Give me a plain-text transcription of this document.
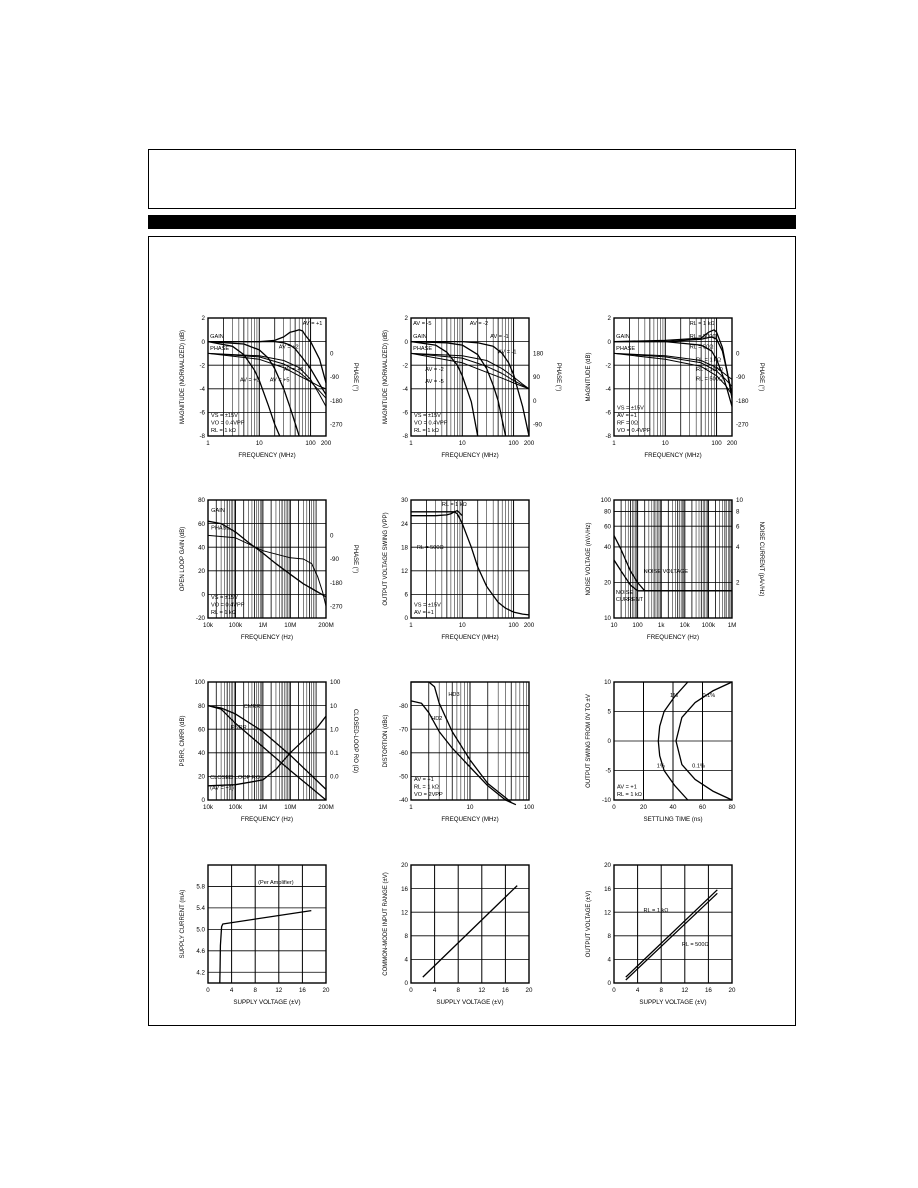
1	10	100 200
-8
-6
-4
-2
0
2
0
-90
-180
-270
FREQUENCY (MHz)
MAGNITUDE (NORMALIZED) (dB)	PHASE (°)
GAIN
PHASE
AV = +1
AV = +2
AV = +5
AV = +3 AV = +5
VS = ±15V
VO = 0.4VPP
RL = 1 kΩ
1	10	100 200
-8
-6
-4
-2
0
2
180
90
0
-90
FREQUENCY (MHz)
MAGNITUDE (NORMALIZED) (dB)	PHASE (°)
GAIN
PHASE
AV = -5	AV = -2
AV = -1
AV = -1
AV = -2
AV = -5
VS = ±15V
VO = 0.4VPP
RL = 1 kΩ
1	10	100 200
-8
-6
-4
-2
0
2
0
-90
-180
-270
FREQUENCY (MHz)
MAGNITUDE (dB)	PHASE (°)
GAIN
PHASE
RL = 1 kΩ
RL = 500Ω
RL = 50Ω
RL = 1 kΩ
RL = 100Ω
RL = 500Ω
VS = ±15V
AV = +1
RF = 0Ω
VO = 0.4VPP
10k	100k	1M	10M	200M
-20
0
20
40
60
80
0
-90
-180
-270
FREQUENCY (Hz)
OPEN LOOP GAIN (dB)	PHASE (°)
GAIN
PHASE
VS = ±15V
VO = 0.4VPP
RL = 1 kΩ
1	10	100 200
0
6
12
18
24
30
FREQUENCY (MHz)
OUTPUT VOLTAGE SWING (VPP)
RL = 1 kΩ
RL = 500Ω
VS = ±15V
AV = +1
10 100 1k 10k 100k 1M
10
20
40
60
80
100
2
4
6
8
10
FREQUENCY (Hz)
NOISE VOLTAGE (nV/√Hz)	NOISE CURRENT (pA/√Hz)
NOISE VOLTAGE
NOISE
CURRENT
10k	100k	1M	10M	200M
0
20
40
60
80
100	100
10
1.0
0.1
0.0
FREQUENCY (Hz)
PSRR, CMRR (dB)	CLOSED-LOOP RO (Ω)
CMRR
PSRR
CLOSED LOOP RO
(AV = +1)
1	10	100
-40
-50
-60
-70
-80
FREQUENCY (MHz)
DISTORTION (dBc)	HD2
HD3
AV = +1
RL = 1 kΩ
VO = 2VPP
0	20	40	60	80
-10
-5
0
5
10
SETTLING TIME (ns)
OUTPUT SWING FROM 0V TO ±V	1%	0.1%
1%	0.1%
AV = +1
RL = 1 kΩ
0	4	8	12	16	20
4.2
4.6
5.0
5.4
5.8
SUPPLY VOLTAGE (±V)
SUPPLY CURRENT (mA)
(Per Amplifier)
0	4	8	12	16	20
0
4
8
12
16
20
SUPPLY VOLTAGE (±V)
COMMON-MODE INPUT RANGE (±V)
0	4	8	12	16	20
0
4
8
12
16
20
SUPPLY VOLTAGE (±V)
OUTPUT VOLTAGE (±V)	RL = 1 kΩ
RL = 500Ω
